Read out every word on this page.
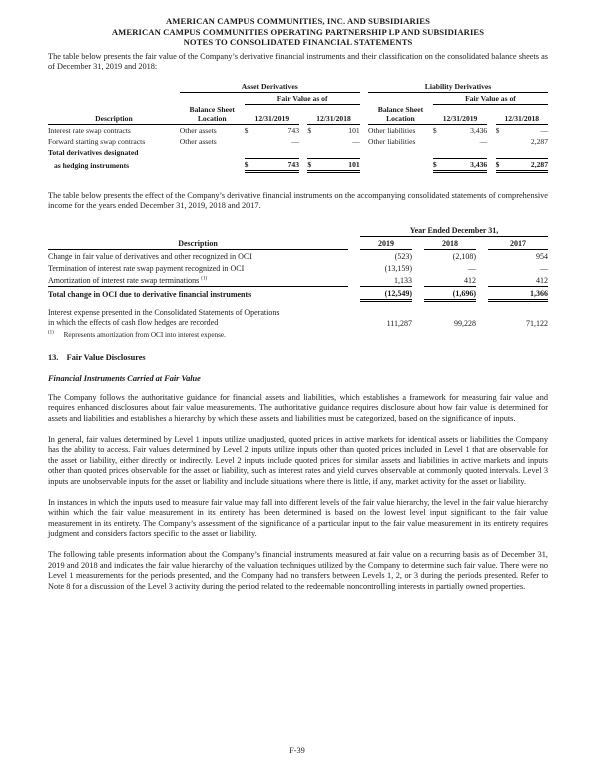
AMERICAN CAMPUS COMMUNITIES, INC. AND SUBSIDIARIES
AMERICAN CAMPUS COMMUNITIES OPERATING PARTNERSHIP LP AND SUBSIDIARIES
NOTES TO CONSOLIDATED FINANCIAL STATEMENTS

The table below presents the fair value of the Company’s derivative financial instruments and their classification on the consolidated balance sheets as of December 31, 2019 and 2018:

	Asset Derivatives							Liability Derivatives					
		Fair Value as of							Fair Value as of				
Description	Balance Sheet Location	12/31/2019			12/31/2018			Balance Sheet Location	12/31/2019			12/31/2018	
Interest rate swap contracts	Other assets	$	743		$	101		Other liabilities	$	3,436		$	—
Forward starting swap contracts	Other assets		—			—		Other liabilities		—			2,287
Total derivatives designated													
as hedging instruments		$	743		$	101			$	3,436		$	2,287

The table below presents the effect of the Company’s derivative financial instruments on the accompanying consolidated statements of comprehensive income for the years ended December 31, 2019, 2018 and 2017.

		Year Ended December 31,				
Description		2019		2018		2017
Change in fair value of derivatives and other recognized in OCI		(523)		(2,108)		954
Termination of interest rate swap payment recognized in OCI		(13,159)		—		—
Amortization of interest rate swap terminations $^{(1)}$		1,133		412		412
Total change in OCI due to derivative financial instruments		(12,549)		(1,696)		1,366

Interest expense presented in the Consolidated Statements of Operations
in which the effects of cash flow hedges are recorded		111,287		99,228		71,122
$^{(1)}$ Represents amortization from OCI into interest expense.
13. Fair Value Disclosures
Financial Instruments Carried at Fair Value

The Company follows the authoritative guidance for financial assets and liabilities, which establishes a framework for measuring fair value and requires enhanced disclosures about fair value measurements. The authoritative guidance requires disclosure about how fair value is determined for assets and liabilities and establishes a hierarchy by which these assets and liabilities must be categorized, based on the significance of inputs.

In general, fair values determined by Level 1 inputs utilize unadjusted, quoted prices in active markets for identical assets or liabilities the Company has the ability to access. Fair values determined by Level 2 inputs utilize inputs other than quoted prices included in Level 1 that are observable for the asset or liability, either directly or indirectly. Level 2 inputs include quoted prices for similar assets and liabilities in active markets and inputs other than quoted prices observable for the asset or liability, such as interest rates and yield curves observable at commonly quoted intervals. Level 3 inputs are unobservable inputs for the asset or liability and include situations where there is little, if any, market activity for the asset or liability.

In instances in which the inputs used to measure fair value may fall into different levels of the fair value hierarchy, the level in the fair value hierarchy within which the fair value measurement in its entirety has been determined is based on the lowest level input significant to the fair value measurement in its entirety. The Company’s assessment of the significance of a particular input to the fair value measurement in its entirety requires judgment and considers factors specific to the asset or liability.

The following table presents information about the Company’s financial instruments measured at fair value on a recurring basis as of December 31, 2019 and 2018 and indicates the fair value hierarchy of the valuation techniques utilized by the Company to determine such fair value. There were no Level 1 measurements for the periods presented, and the Company had no transfers between Levels 1, 2, or 3 during the periods presented. Refer to Note 8 for a discussion of the Level 3 activity during the period related to the redeemable noncontrolling interests in partially owned properties.

F-39
